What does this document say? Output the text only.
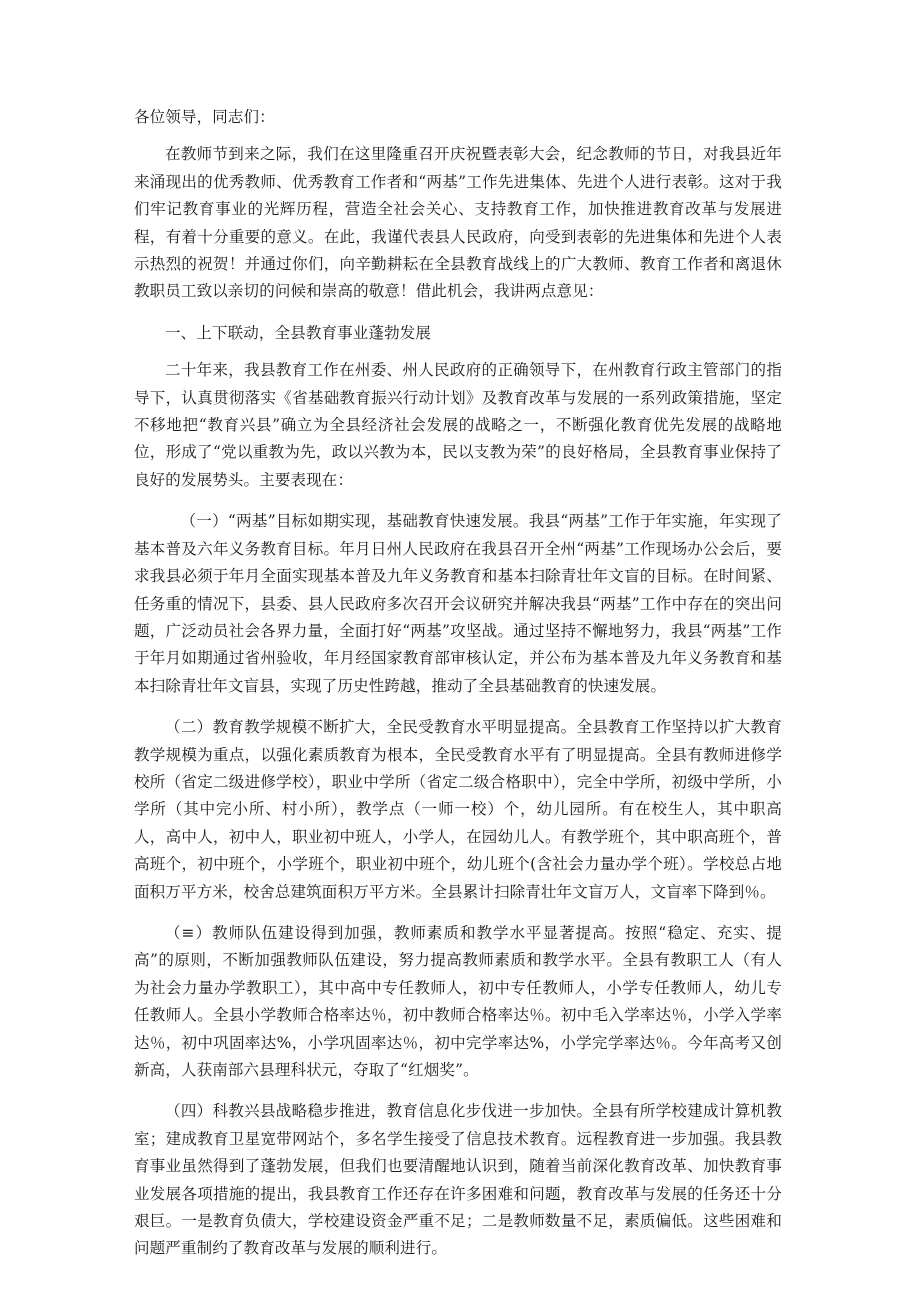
各位领导，同志们：

在教师节到来之际，我们在这里隆重召开庆祝暨表彰大会，纪念教师的节日，对我县近年来涌现出的优秀教师、优秀教育工作者和“两基”工作先进集体、先进个人进行表彰。这对于我们牢记教育事业的光辉历程，营造全社会关心、支持教育工作，加快推进教育改革与发展进程，有着十分重要的意义。在此，我谨代表县人民政府，向受到表彰的先进集体和先进个人表示热烈的祝贺！并通过你们，向辛勤耕耘在全县教育战线上的广大教师、教育工作者和离退休教职员工致以亲切的问候和崇高的敬意！借此机会，我讲两点意见：

一、上下联动，全县教育事业蓬勃发展

二十年来，我县教育工作在州委、州人民政府的正确领导下，在州教育行政主管部门的指导下，认真贯彻落实《省基础教育振兴行动计划》及教育改革与发展的一系列政策措施，坚定不移地把“教育兴县”确立为全县经济社会发展的战略之一，不断强化教育优先发展的战略地位，形成了“党以重教为先，政以兴教为本，民以支教为荣”的良好格局，全县教育事业保持了良好的发展势头。主要表现在：

（一）“两基”目标如期实现，基础教育快速发展。我县“两基”工作于年实施，年实现了基本普及六年义务教育目标。年月日州人民政府在我县召开全州“两基”工作现场办公会后，要求我县必须于年月全面实现基本普及九年义务教育和基本扫除青壮年文盲的目标。在时间紧、任务重的情况下，县委、县人民政府多次召开会议研究并解决我县“两基”工作中存在的突出问题，广泛动员社会各界力量，全面打好“两基”攻坚战。通过坚持不懈地努力，我县“两基”工作于年月如期通过省州验收，年月经国家教育部审核认定，并公布为基本普及九年义务教育和基本扫除青壮年文盲县，实现了历史性跨越，推动了全县基础教育的快速发展。

（二）教育教学规模不断扩大，全民受教育水平明显提高。全县教育工作坚持以扩大教育教学规模为重点，以强化素质教育为根本，全民受教育水平有了明显提高。全县有教师进修学校所（省定二级进修学校），职业中学所（省定二级合格职中），完全中学所，初级中学所，小学所（其中完小所、村小所），教学点（一师一校）个，幼儿园所。有在校生人，其中职高人，高中人，初中人，职业初中班人，小学人，在园幼儿人。有教学班个，其中职高班个，普高班个，初中班个，小学班个，职业初中班个，幼儿班个(含社会力量办学个班）。学校总占地面积万平方米，校舍总建筑面积万平方米。全县累计扫除青壮年文盲万人，文盲率下降到％。

（≡）教师队伍建设得到加强，教师素质和教学水平显著提高。按照“稳定、充实、提高”的原则，不断加强教师队伍建设，努力提高教师素质和教学水平。全县有教职工人（有人为社会力量办学教职工），其中高中专任教师人，初中专任教师人，小学专任教师人，幼儿专任教师人。全县小学教师合格率达％，初中教师合格率达％。初中毛入学率达％，小学入学率达％，初中巩固率达%，小学巩固率达％，初中完学率达%，小学完学率达％。今年高考又创新高，人获南部六县理科状元，夺取了“红烟奖”。

（四）科教兴县战略稳步推进，教育信息化步伐进一步加快。全县有所学校建成计算机教室；建成教育卫星宽带网站个，多名学生接受了信息技术教育。远程教育进一步加强。我县教育事业虽然得到了蓬勃发展，但我们也要清醒地认识到，随着当前深化教育改革、加快教育事业发展各项措施的提出，我县教育工作还存在许多困难和问题，教育改革与发展的任务还十分艰巨。一是教育负债大，学校建设资金严重不足；二是教师数量不足，素质偏低。这些困难和问题严重制约了教育改革与发展的顺利进行。
